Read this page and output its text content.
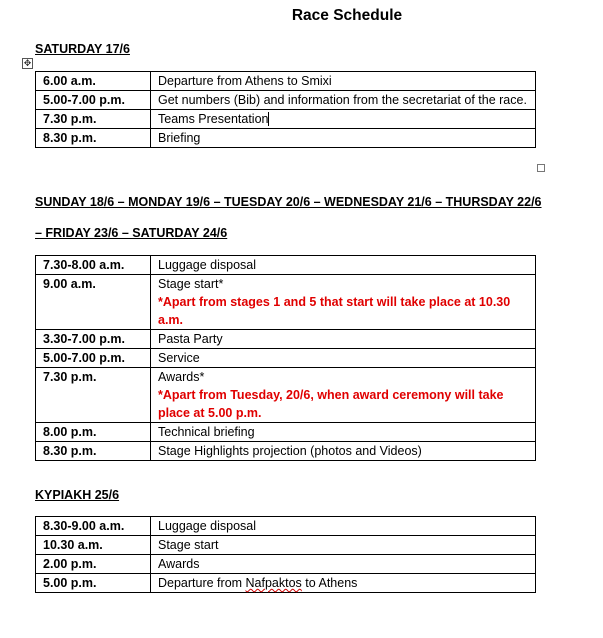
Race Schedule
SATURDAY 17/6
✥
6.00 a.m.	Departure from Athens to Smixi
5.00-7.00 p.m.	Get numbers (Bib) and information from the secretariat of the race.
7.30 p.m.	Teams Presentation
8.30 p.m.	Briefing
SUNDAY 18/6 – MONDAY 19/6 – TUESDAY 20/6 – WEDNESDAY 21/6 – THURSDAY 22/6
– FRIDAY 23/6 – SATURDAY 24/6
7.30-8.00 a.m.	Luggage disposal
9.00 a.m.	Stage start*
*Apart from stages 1 and 5 that start will take place at 10.30 a.m.

3.30-7.00 p.m.	Pasta Party
5.00-7.00 p.m.	Service
7.30 p.m.	Awards*
*Apart from Tuesday, 20/6, when award ceremony will take place at 5.00 p.m.

8.00 p.m.	Technical briefing
8.30 p.m.	Stage Highlights projection (photos and Videos)
ΚΥΡΙΑΚΗ 25/6
8.30-9.00 a.m.	Luggage disposal
10.30 a.m.	Stage start
2.00 p.m.	Awards
5.00 p.m.	Departure from Nafpaktos to Athens
